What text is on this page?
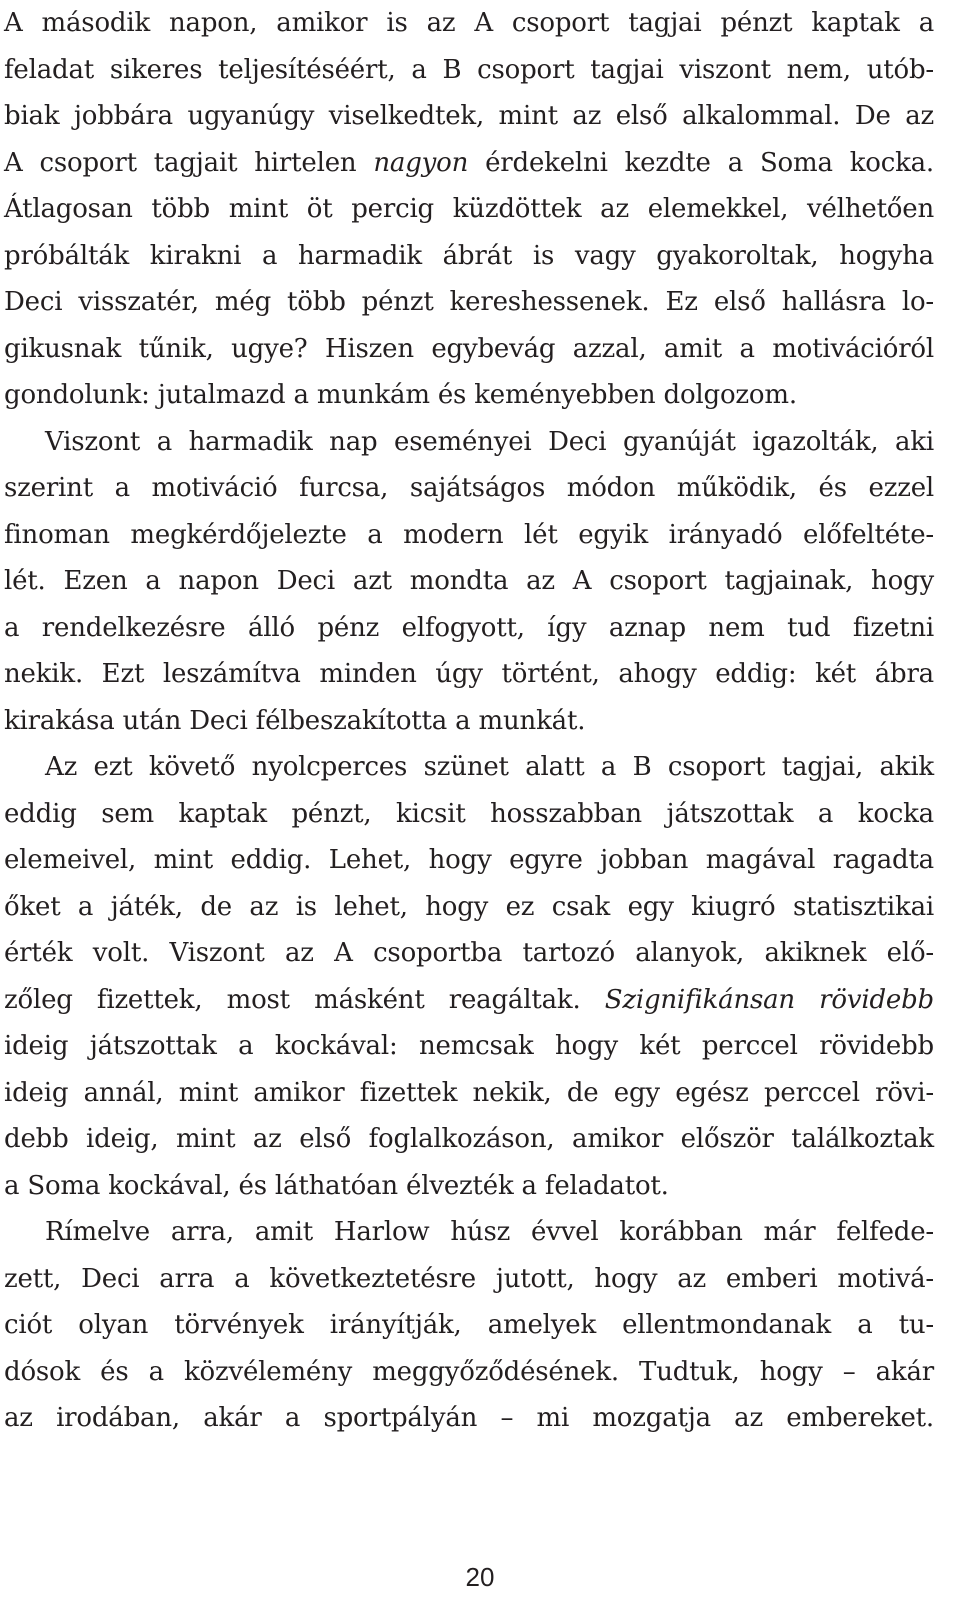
A második napon, amikor is az A csoport tagjai pénzt kaptak a
feladat sikeres teljesítéséért, a B csoport tagjai viszont nem, utób-
biak jobbára ugyanúgy viselkedtek, mint az első alkalommal. De az
A csoport tagjait hirtelen nagyon érdekelni kezdte a Soma kocka.
Átlagosan több mint öt percig küzdöttek az elemekkel, vélhetően
próbálták kirakni a harmadik ábrát is vagy gyakoroltak, hogyha
Deci visszatér, még több pénzt kereshessenek. Ez első hallásra lo-
gikusnak tűnik, ugye? Hiszen egybevág azzal, amit a motivációról
gondolunk: jutalmazd a munkám és keményebben dolgozom.
Viszont a harmadik nap eseményei Deci gyanúját igazolták, aki
szerint a motiváció furcsa, sajátságos módon működik, és ezzel
finoman megkérdőjelezte a modern lét egyik irányadó előfeltéte-
lét. Ezen a napon Deci azt mondta az A csoport tagjainak, hogy
a rendelkezésre álló pénz elfogyott, így aznap nem tud fizetni
nekik. Ezt leszámítva minden úgy történt, ahogy eddig: két ábra
kirakása után Deci félbeszakította a munkát.
Az ezt követő nyolcperces szünet alatt a B csoport tagjai, akik
eddig sem kaptak pénzt, kicsit hosszabban játszottak a kocka
elemeivel, mint eddig. Lehet, hogy egyre jobban magával ragadta
őket a játék, de az is lehet, hogy ez csak egy kiugró statisztikai
érték volt. Viszont az A csoportba tartozó alanyok, akiknek elő-
zőleg fizettek, most másként reagáltak. Szignifikánsan rövidebb
ideig játszottak a kockával: nemcsak hogy két perccel rövidebb
ideig annál, mint amikor fizettek nekik, de egy egész perccel rövi-
debb ideig, mint az első foglalkozáson, amikor először találkoztak
a Soma kockával, és láthatóan élvezték a feladatot.
Rímelve arra, amit Harlow húsz évvel korábban már felfede-
zett, Deci arra a következtetésre jutott, hogy az emberi motivá-
ciót olyan törvények irányítják, amelyek ellentmondanak a tu-
dósok és a közvélemény meggyőződésének. Tudtuk, hogy – akár
az irodában, akár a sportpályán – mi mozgatja az embereket.
20
